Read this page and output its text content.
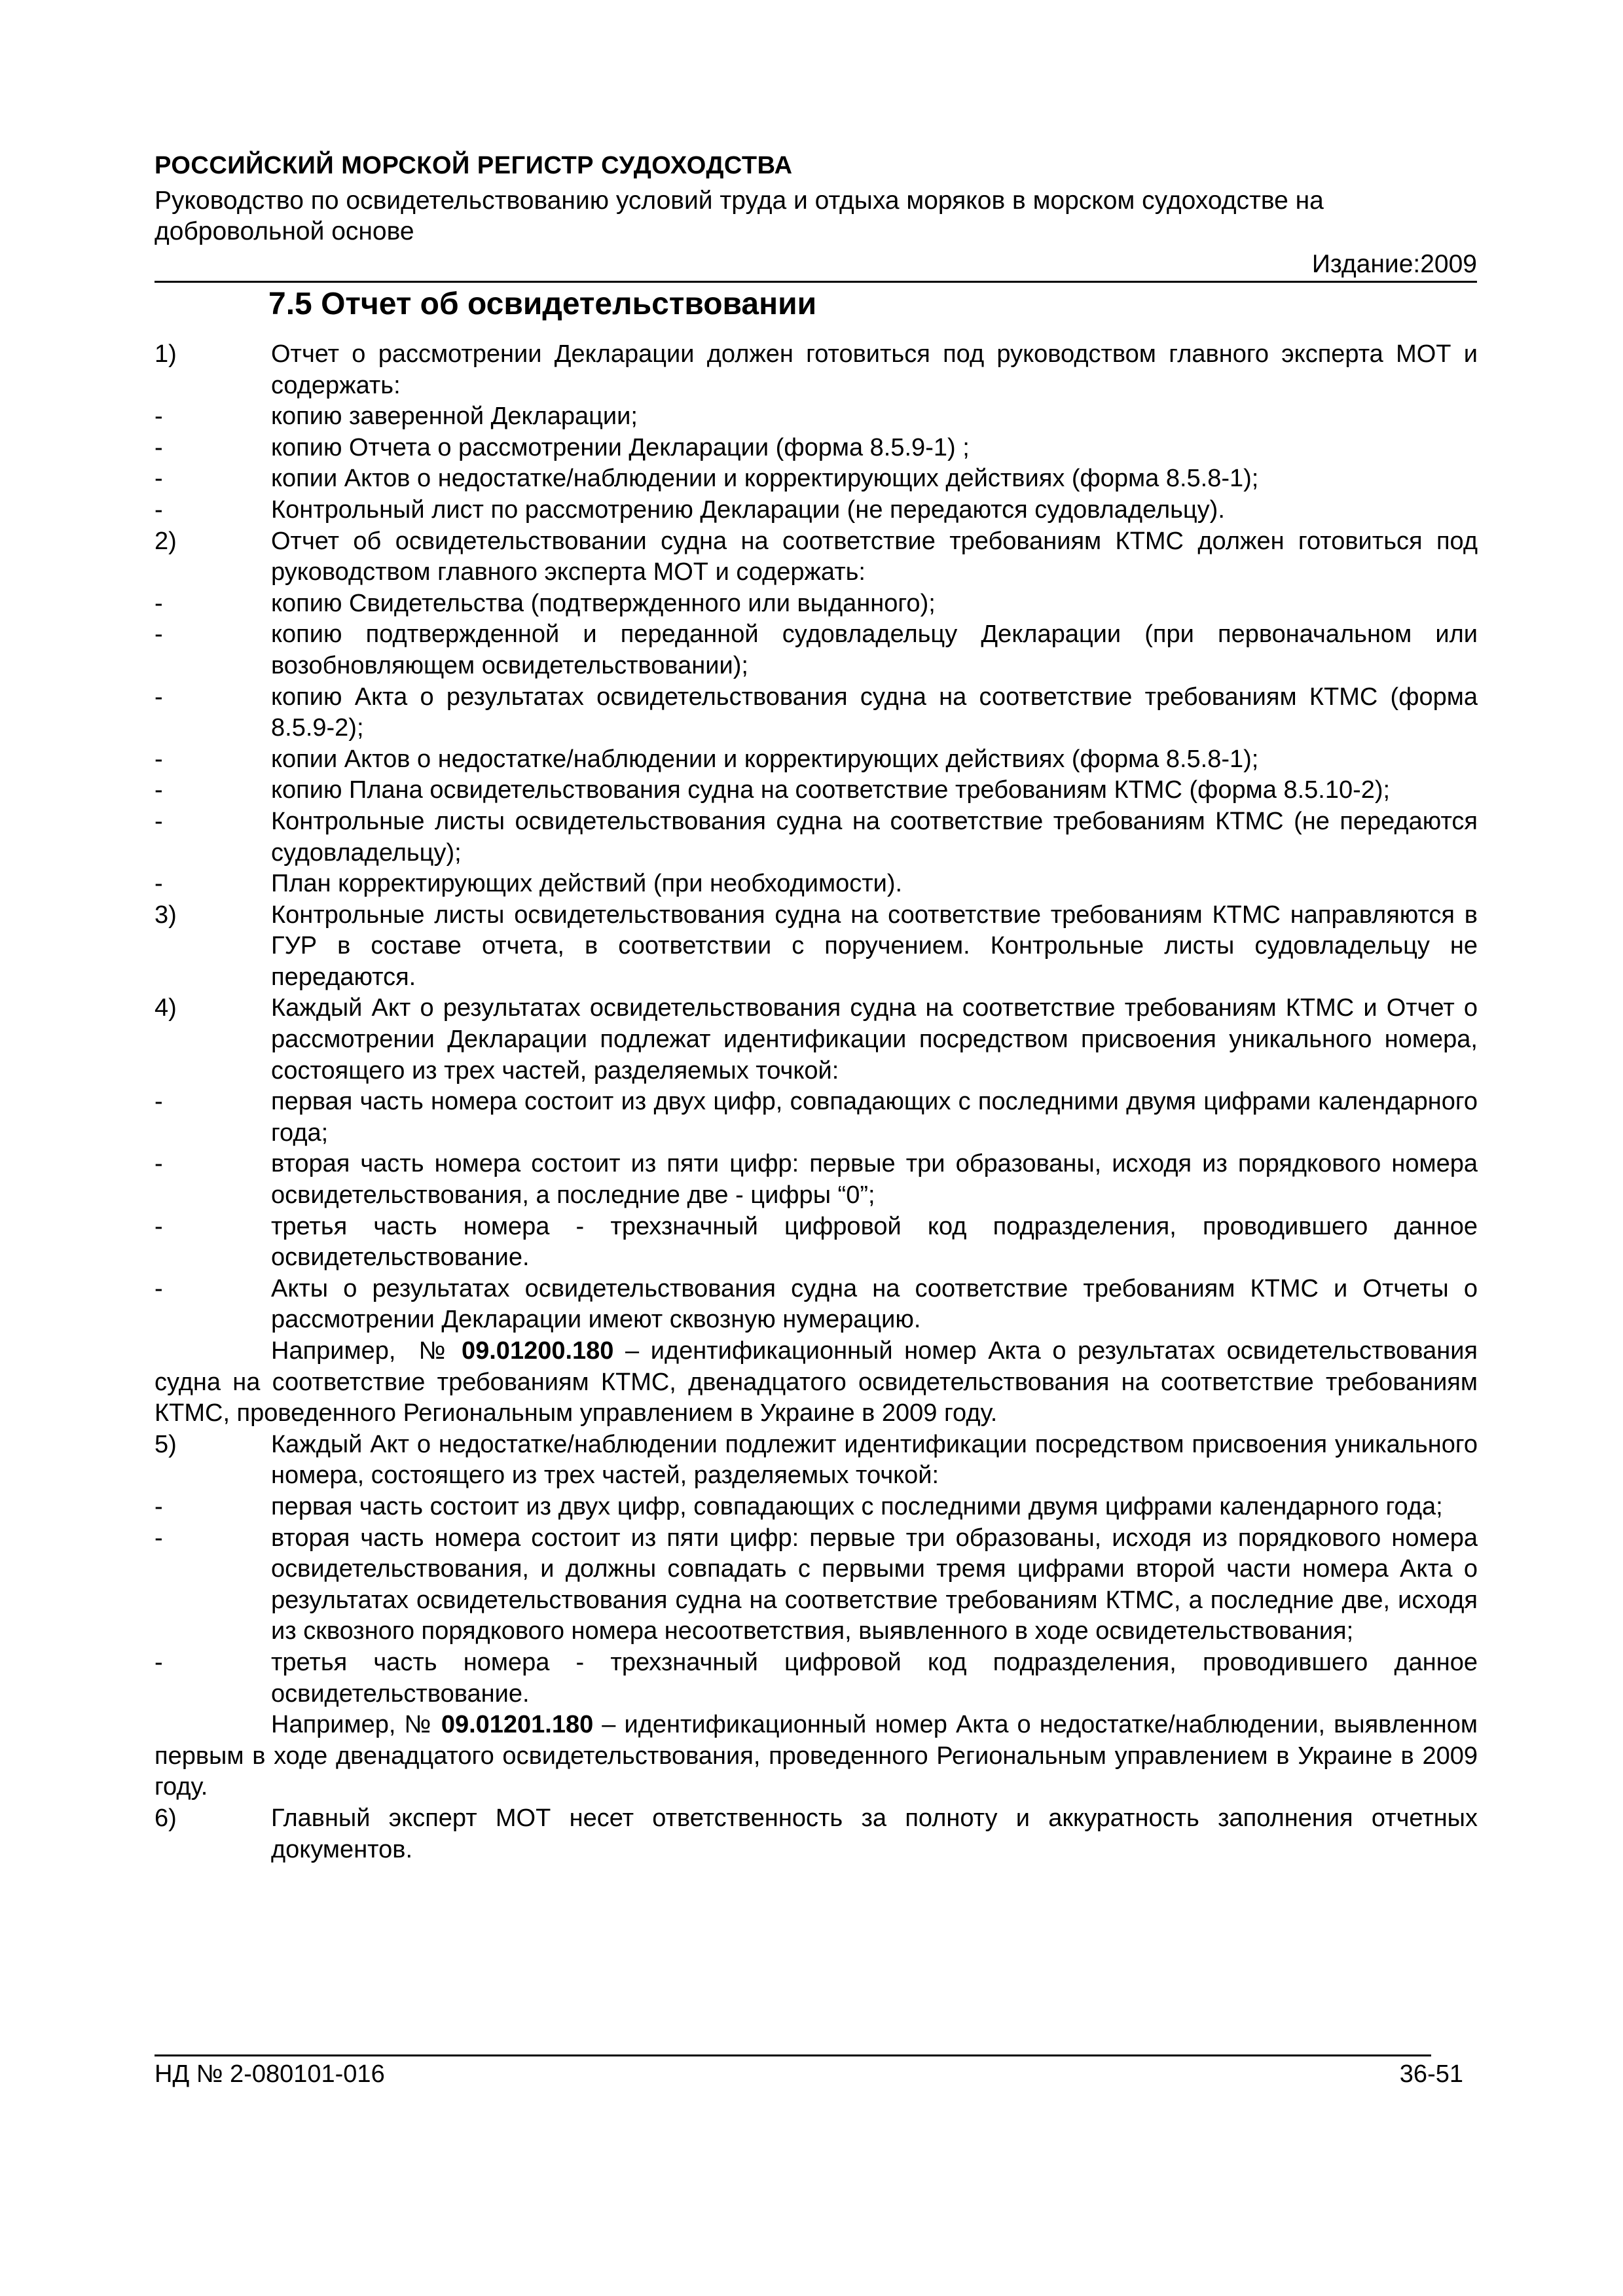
РОССИЙСКИЙ МОРСКОЙ РЕГИСТР СУДОХОДСТВА
Руководство по освидетельствованию условий труда и отдыха моряков в морском судоходстве на добровольной основе
Издание:2009
7.5 Отчет об освидетельствовании
1)	Отчет о рассмотрении Декларации должен готовиться под руководством главного эксперта МОТ и содержать:
-	копию заверенной Декларации;
-	копию Отчета о рассмотрении Декларации (форма 8.5.9-1) ;
-	копии Актов о недостатке/наблюдении и корректирующих действиях (форма 8.5.8-1);
-	Контрольный лист по рассмотрению Декларации (не передаются судовладельцу).
2)	Отчет об освидетельствовании судна на соответствие требованиям КТМС должен готовиться под руководством главного эксперта МОТ и содержать:
-	копию Свидетельства (подтвержденного или выданного);
-	копию подтвержденной и переданной судовладельцу Декларации (при первоначальном или возобновляющем освидетельствовании);
-	копию Акта о результатах освидетельствования судна на соответствие требованиям КТМС (форма 8.5.9-2);
-	копии Актов о недостатке/наблюдении и корректирующих действиях (форма 8.5.8-1);
-	копию Плана освидетельствования судна на соответствие требованиям КТМС (форма 8.5.10-2);
-	Контрольные листы освидетельствования судна на соответствие требованиям КТМС (не передаются судовладельцу);
-	План корректирующих действий (при необходимости).
3)	Контрольные листы освидетельствования судна на соответствие требованиям КТМС направляются в ГУР в составе отчета, в соответствии с поручением. Контрольные листы судовладельцу не передаются.
4)	Каждый Акт о результатах освидетельствования судна на соответствие требованиям КТМС и Отчет о рассмотрении Декларации подлежат идентификации посредством присвоения уникального номера, состоящего из трех частей, разделяемых точкой:
-	первая часть номера состоит из двух цифр, совпадающих с последними двумя цифрами календарного года;
-	вторая часть номера состоит из пяти цифр: первые три образованы, исходя из порядкового номера освидетельствования, а последние две - цифры “0”;
-	третья часть номера - трехзначный цифровой код подразделения, проводившего данное освидетельствование.
-	Акты о результатах освидетельствования судна на соответствие требованиям КТМС и Отчеты о рассмотрении Декларации имеют сквозную нумерацию.
Например,  № 09.01200.180 – идентификационный номер Акта о результатах освидетельствования судна на соответствие требованиям КТМС, двенадцатого освидетельствования на соответствие требованиям КТМС, проведенного Региональным управлением в Украине в 2009 году.
5)	Каждый Акт о недостатке/наблюдении подлежит идентификации посредством присвоения уникального номера, состоящего из трех частей, разделяемых точкой:
-	первая часть состоит из двух цифр, совпадающих с последними двумя цифрами календарного года;
-	вторая часть номера состоит из пяти цифр: первые три образованы, исходя из порядкового номера освидетельствования, и должны совпадать с первыми тремя цифрами второй части номера Акта о результатах освидетельствования судна на соответствие требованиям КТМС, а последние две, исходя из сквозного порядкового номера несоответствия, выявленного в ходе освидетельствования;
-	третья часть номера - трехзначный цифровой код подразделения, проводившего данное освидетельствование.
Например, № 09.01201.180 – идентификационный номер Акта о недостатке/наблюдении, выявленном первым в ходе двенадцатого освидетельствования, проведенного Региональным управлением в Украине в 2009 году.
6)	Главный эксперт МОТ несет ответственность за полноту и аккуратность заполнения отчетных документов.
НД № 2-080101-016	36-51
